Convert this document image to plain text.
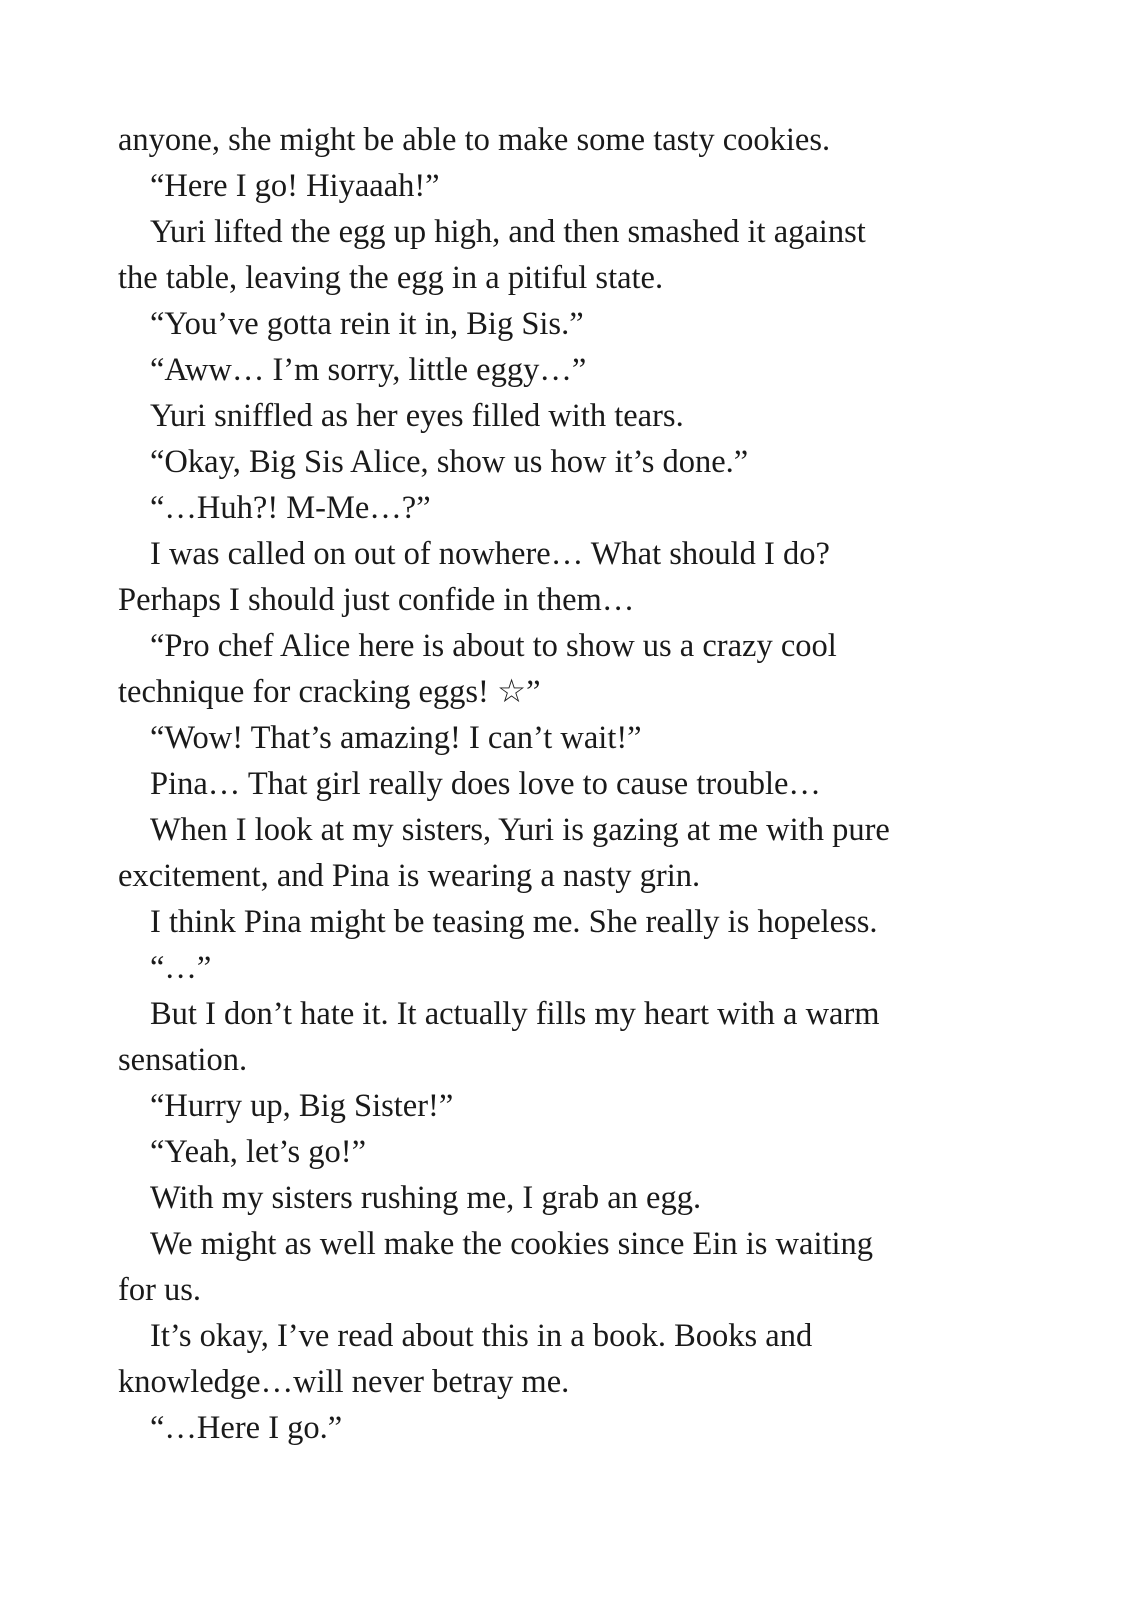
anyone, she might be able to make some tasty cookies.
“Here I go! Hiyaaah!”
Yuri lifted the egg up high, and then smashed it against
the table, leaving the egg in a pitiful state.
“You’ve gotta rein it in, Big Sis.”
“Aww… I’m sorry, little eggy…”
Yuri sniffled as her eyes filled with tears.
“Okay, Big Sis Alice, show us how it’s done.”
“…Huh?! M-Me…?”
I was called on out of nowhere… What should I do?
Perhaps I should just confide in them…
“Pro chef Alice here is about to show us a crazy cool
technique for cracking eggs! ☆”
“Wow! That’s amazing! I can’t wait!”
Pina… That girl really does love to cause trouble…
When I look at my sisters, Yuri is gazing at me with pure
excitement, and Pina is wearing a nasty grin.
I think Pina might be teasing me. She really is hopeless.
“…”
But I don’t hate it. It actually fills my heart with a warm
sensation.
“Hurry up, Big Sister!”
“Yeah, let’s go!”
With my sisters rushing me, I grab an egg.
We might as well make the cookies since Ein is waiting
for us.
It’s okay, I’ve read about this in a book. Books and
knowledge…will never betray me.
“…Here I go.”
